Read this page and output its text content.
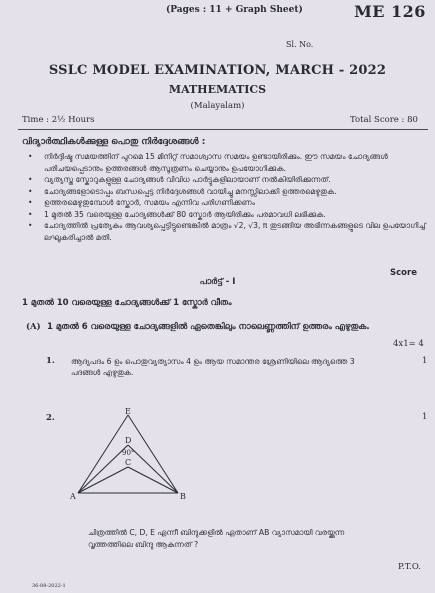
(Pages : 11 + Graph Sheet)	ME 126
Sl. No.
SSLC MODEL EXAMINATION, MARCH - 2022
MATHEMATICS
(Malayalam)
Time : 2½ Hours	Total Score : 80
വിദ്യാർത്ഥികൾക്കുള്ള പൊതു നിർദ്ദേശങ്ങൾ :
• നിർദ്ദിഷ്ട സമയത്തിന് പുറമെ 15 മിനിറ്റ് സമാശ്വാസ സമയം ഉണ്ടായിരിക്കും. ഈ സമയം ചോദ്യങ്ങൾ പരിചയപ്പെടാനും ഉത്തരങ്ങൾ ആസൂത്രണം ചെയ്യാനും ഉപയോഗിക്കുക.
• വ്യത്യസ്ത സ്കോറുകളുള്ള ചോദ്യങ്ങൾ വിവിധ പാർട്ടുകളിലായാണ് നൽകിയിരിക്കുന്നത്.
• ചോദ്യങ്ങളോടൊപ്പം ബന്ധപ്പെട്ട നിർദ്ദേശങ്ങൾ വായിച്ചു മനസ്സിലാക്കി ഉത്തരമെഴുതുക.
• ഉത്തരമെഴുതുമ്പോൾ സ്കോർ, സമയം എന്നിവ പരിഗണിക്കണം
• 1 മുതൽ 35 വരെയുള്ള ചോദ്യങ്ങൾക്ക് 80 സ്കോർ ആയിരിക്കും പരമാവധി ലഭിക്കുക.
• ചോദ്യത്തിൽ പ്രത്യേകം ആവശ്യപ്പെട്ടിട്ടുണ്ടെങ്കിൽ മാത്രം √2, √3, π തുടങ്ങിയ അഭിന്നകങ്ങളുടെ വില ഉപയോഗിച്ച് ലഘൂകരിച്ചാൽ മതി.
Score
പാർട്ട് - I
1 മുതൽ 10 വരെയുള്ള ചോദ്യങ്ങൾക്ക് 1 സ്കോർ വീതം
(A) 1 മുതൽ 6 വരെയുള്ള ചോദ്യങ്ങളിൽ ഏതെങ്കിലും നാലെണ്ണത്തിന് ഉത്തരം എഴുതുക.
4x1= 4
1. ആദ്യപദം 6 ഉം പൊതുവ്യത്യാസം 4 ഉം ആയ സമാന്തര ശ്രേണിയിലെ ആദ്യത്തെ 3 പദങ്ങൾ എഴുതുക.
1
2.	1
E
D
90°
C
A	B
ചിത്രത്തിൽ C, D, E എന്നീ ബിന്ദുക്കളിൽ ഏതാണ് AB വ്യാസമായി വരയ്ക്കുന്ന വൃത്തത്തിലെ ബിന്ദു ആകുന്നത് ?
P.T.O.
36-88-2022-1
